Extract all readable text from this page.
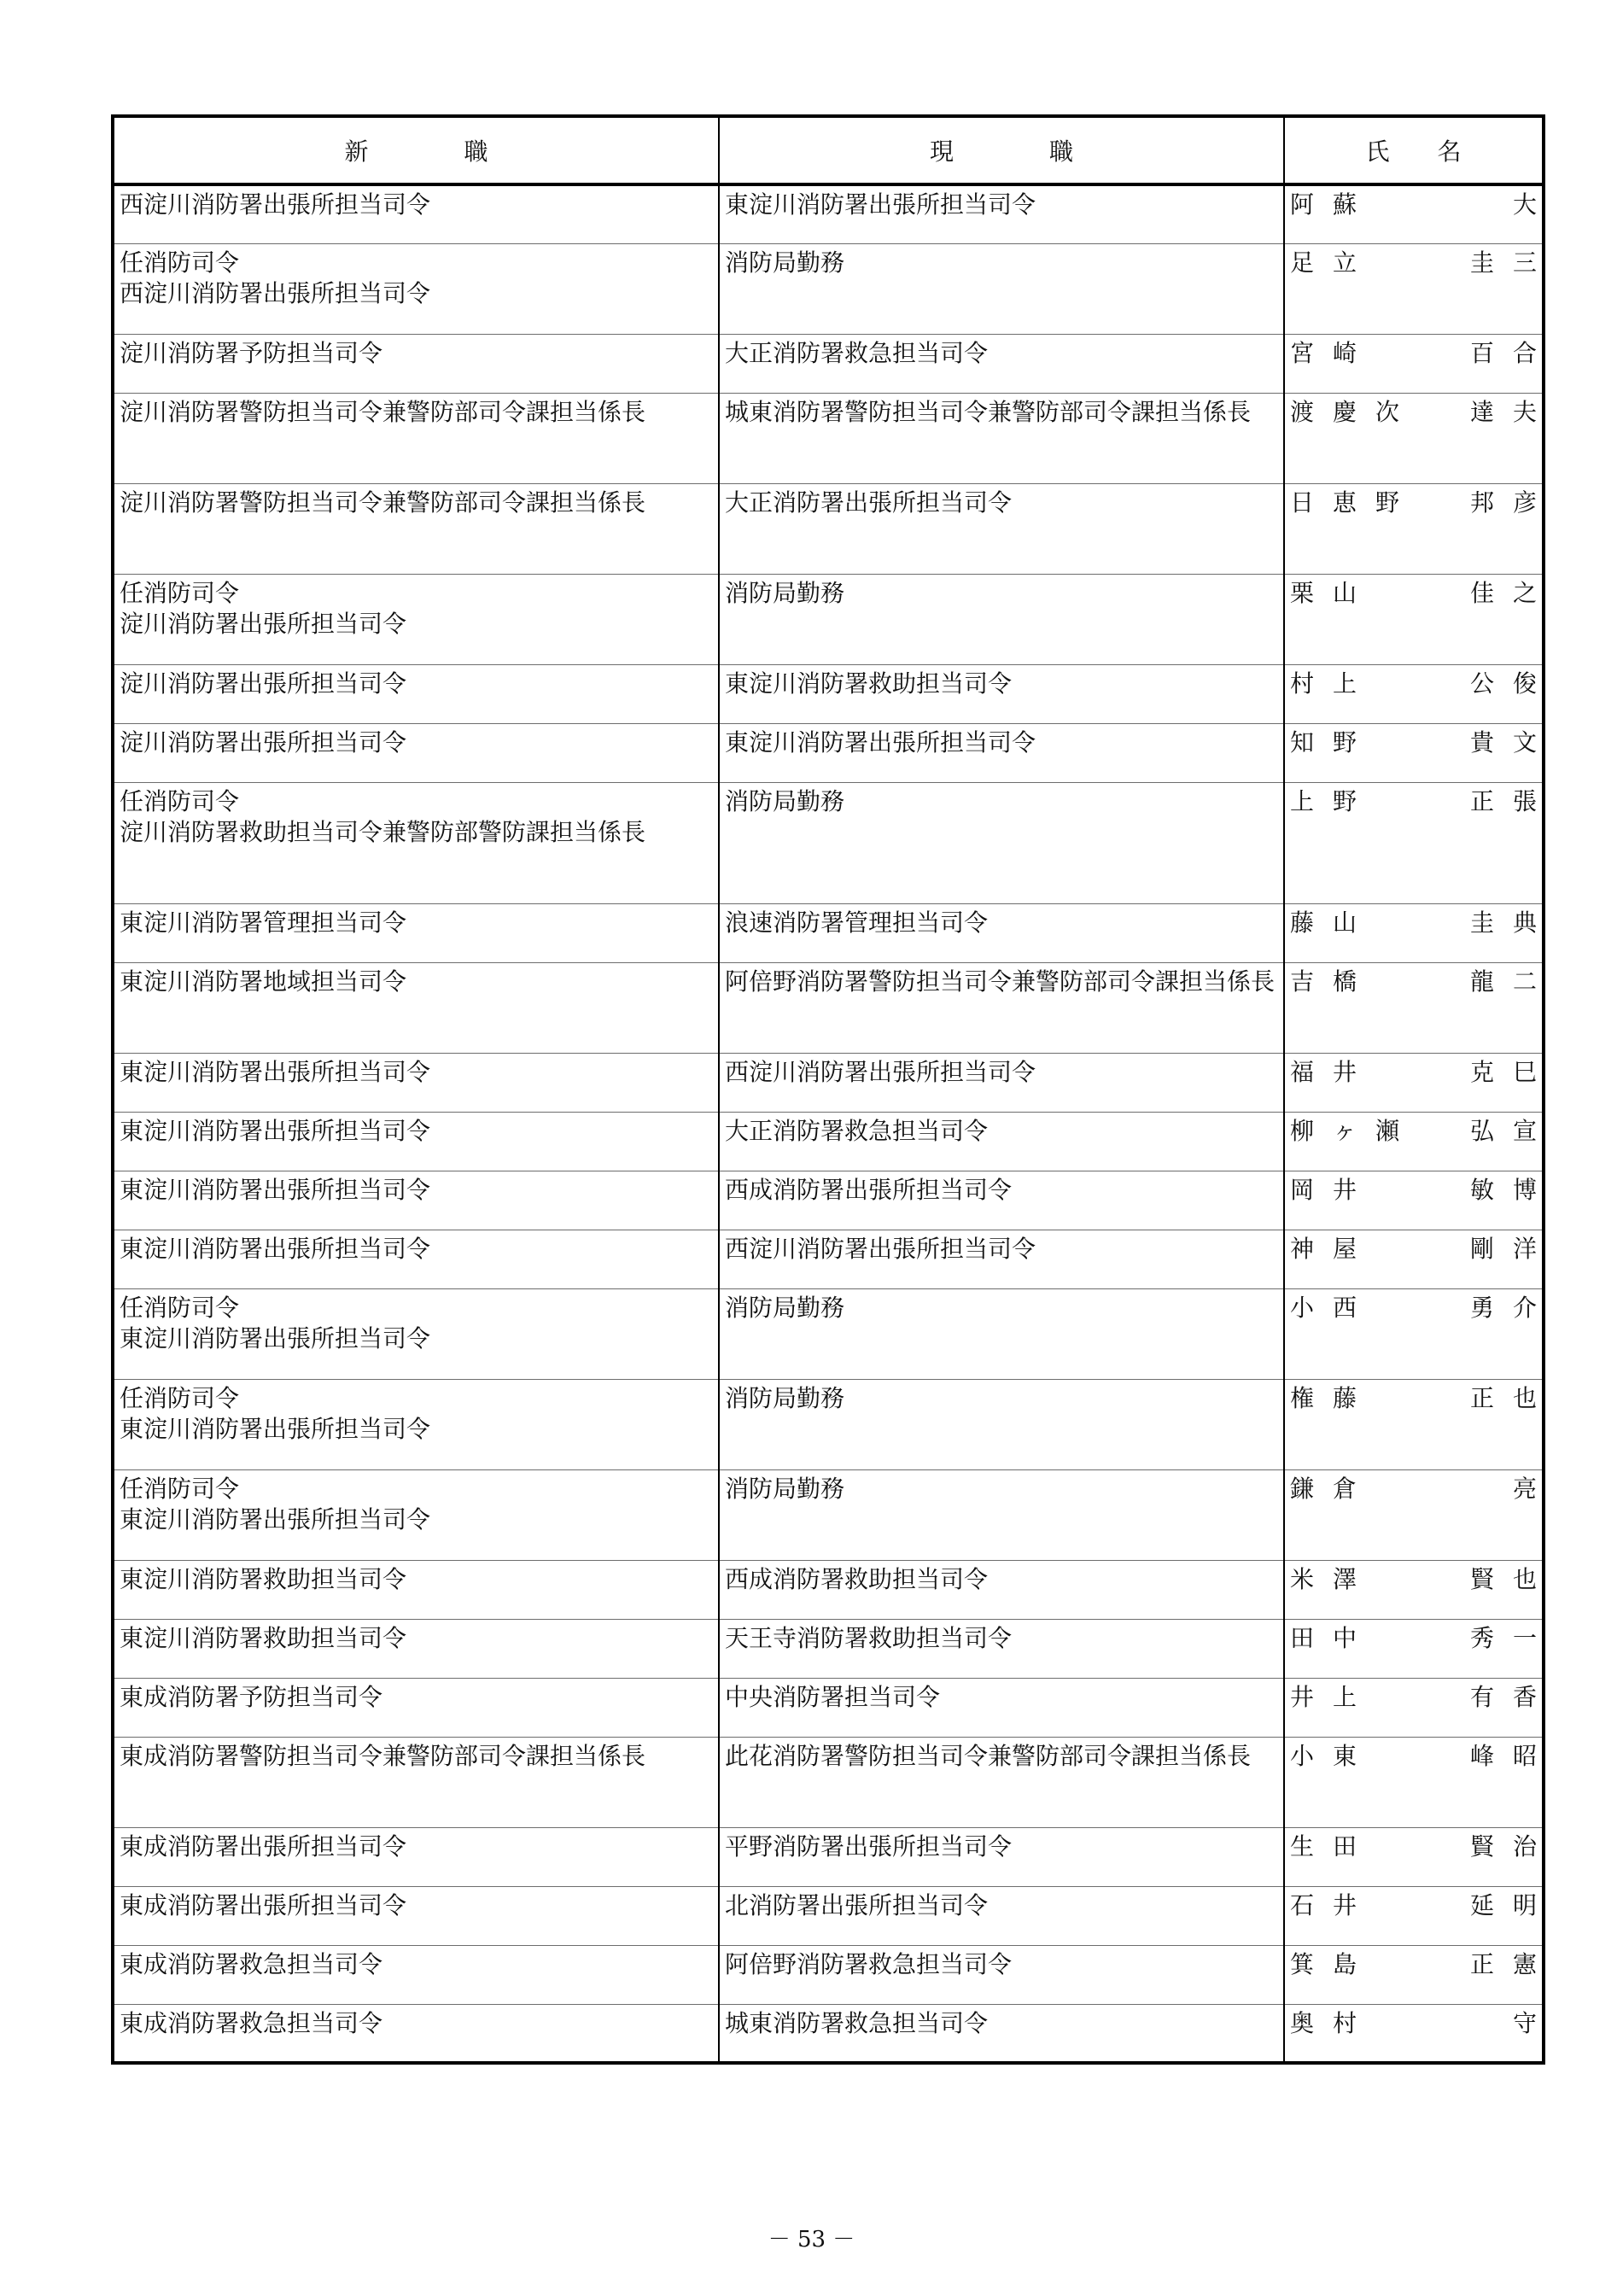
新　　　　職	現　　　　職	氏　　名

西淀川消防署出張所担当司令	東淀川消防署出張所担当司令	阿蘇 大

任消防司令
西淀川消防署出張所担当司令	消防局勤務	足立 圭三

淀川消防署予防担当司令	大正消防署救急担当司令	宮崎 百合

淀川消防署警防担当司令兼警防部司令課担当係長	城東消防署警防担当司令兼警防部司令課担当係長	渡慶次 達夫

淀川消防署警防担当司令兼警防部司令課担当係長	大正消防署出張所担当司令	日恵野 邦彦

任消防司令
淀川消防署出張所担当司令	消防局勤務	栗山 佳之

淀川消防署出張所担当司令	東淀川消防署救助担当司令	村上 公俊

淀川消防署出張所担当司令	東淀川消防署出張所担当司令	知野 貴文

任消防司令
淀川消防署救助担当司令兼警防部警防課担当係長	消防局勤務	上野 正張

東淀川消防署管理担当司令	浪速消防署管理担当司令	藤山 圭典

東淀川消防署地域担当司令	阿倍野消防署警防担当司令兼警防部司令課担当係長	吉橋 龍二

東淀川消防署出張所担当司令	西淀川消防署出張所担当司令	福井 克巳

東淀川消防署出張所担当司令	大正消防署救急担当司令	柳ヶ瀬 弘宣

東淀川消防署出張所担当司令	西成消防署出張所担当司令	岡井 敏博

東淀川消防署出張所担当司令	西淀川消防署出張所担当司令	神屋 剛洋

任消防司令
東淀川消防署出張所担当司令	消防局勤務	小西 勇介

任消防司令
東淀川消防署出張所担当司令	消防局勤務	権藤 正也

任消防司令
東淀川消防署出張所担当司令	消防局勤務	鎌倉 亮

東淀川消防署救助担当司令	西成消防署救助担当司令	米澤 賢也

東淀川消防署救助担当司令	天王寺消防署救助担当司令	田中 秀一

東成消防署予防担当司令	中央消防署担当司令	井上 有香

東成消防署警防担当司令兼警防部司令課担当係長	此花消防署警防担当司令兼警防部司令課担当係長	小東 峰昭

東成消防署出張所担当司令	平野消防署出張所担当司令	生田 賢治

東成消防署出張所担当司令	北消防署出張所担当司令	石井 延明

東成消防署救急担当司令	阿倍野消防署救急担当司令	箕島 正憲

東成消防署救急担当司令	城東消防署救急担当司令	奥村 守
－ 53 －
